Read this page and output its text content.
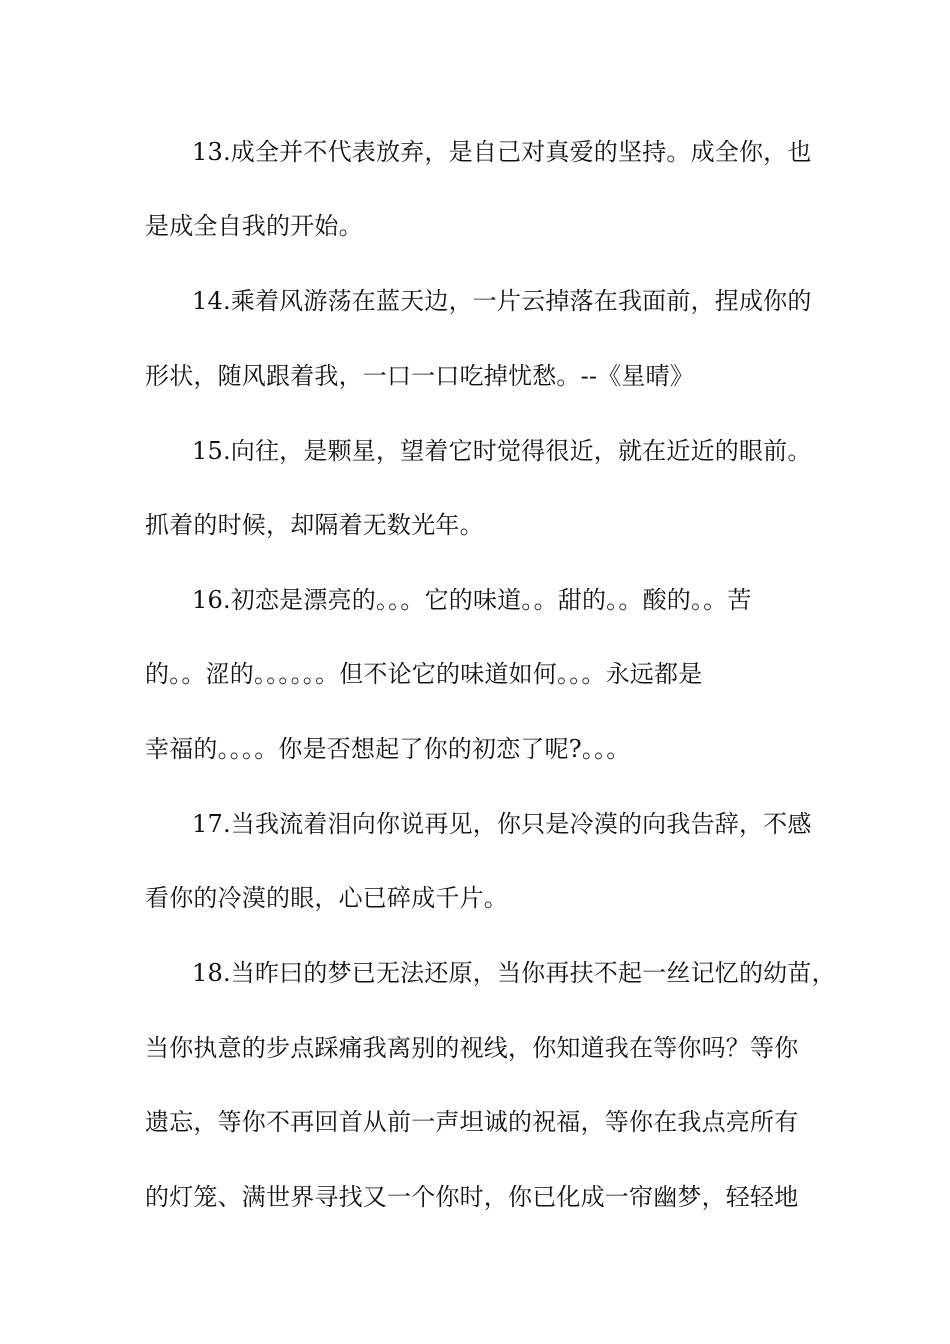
13.成全并不代表放弃，是自己对真爱的坚持。成全你，也
是成全自我的开始。
14.乘着风游荡在蓝天边，一片云掉落在我面前，捏成你的
形状，随风跟着我，一口一口吃掉忧愁。--《星晴》
15.向往，是颗星，望着它时觉得很近，就在近近的眼前。
抓着的时候，却隔着无数光年。
16.初恋是漂亮的。。。它的味道。。甜的。。酸的。。苦
的。。涩的。。。。。。但不论它的味道如何。。。永远都是
幸福的。。。。你是否想起了你的初恋了呢?。。。
17.当我流着泪向你说再见，你只是冷漠的向我告辞，不感
看你的冷漠的眼，心已碎成千片。
18.当昨曰的梦已无法还原，当你再扶不起一丝记忆的幼苗，
当你执意的步点踩痛我离别的视线，你知道我在等你吗？等你
遗忘，等你不再回首从前一声坦诚的祝福，等你在我点亮所有
的灯笼、满世界寻找又一个你时，你已化成一帘幽梦，轻轻地
